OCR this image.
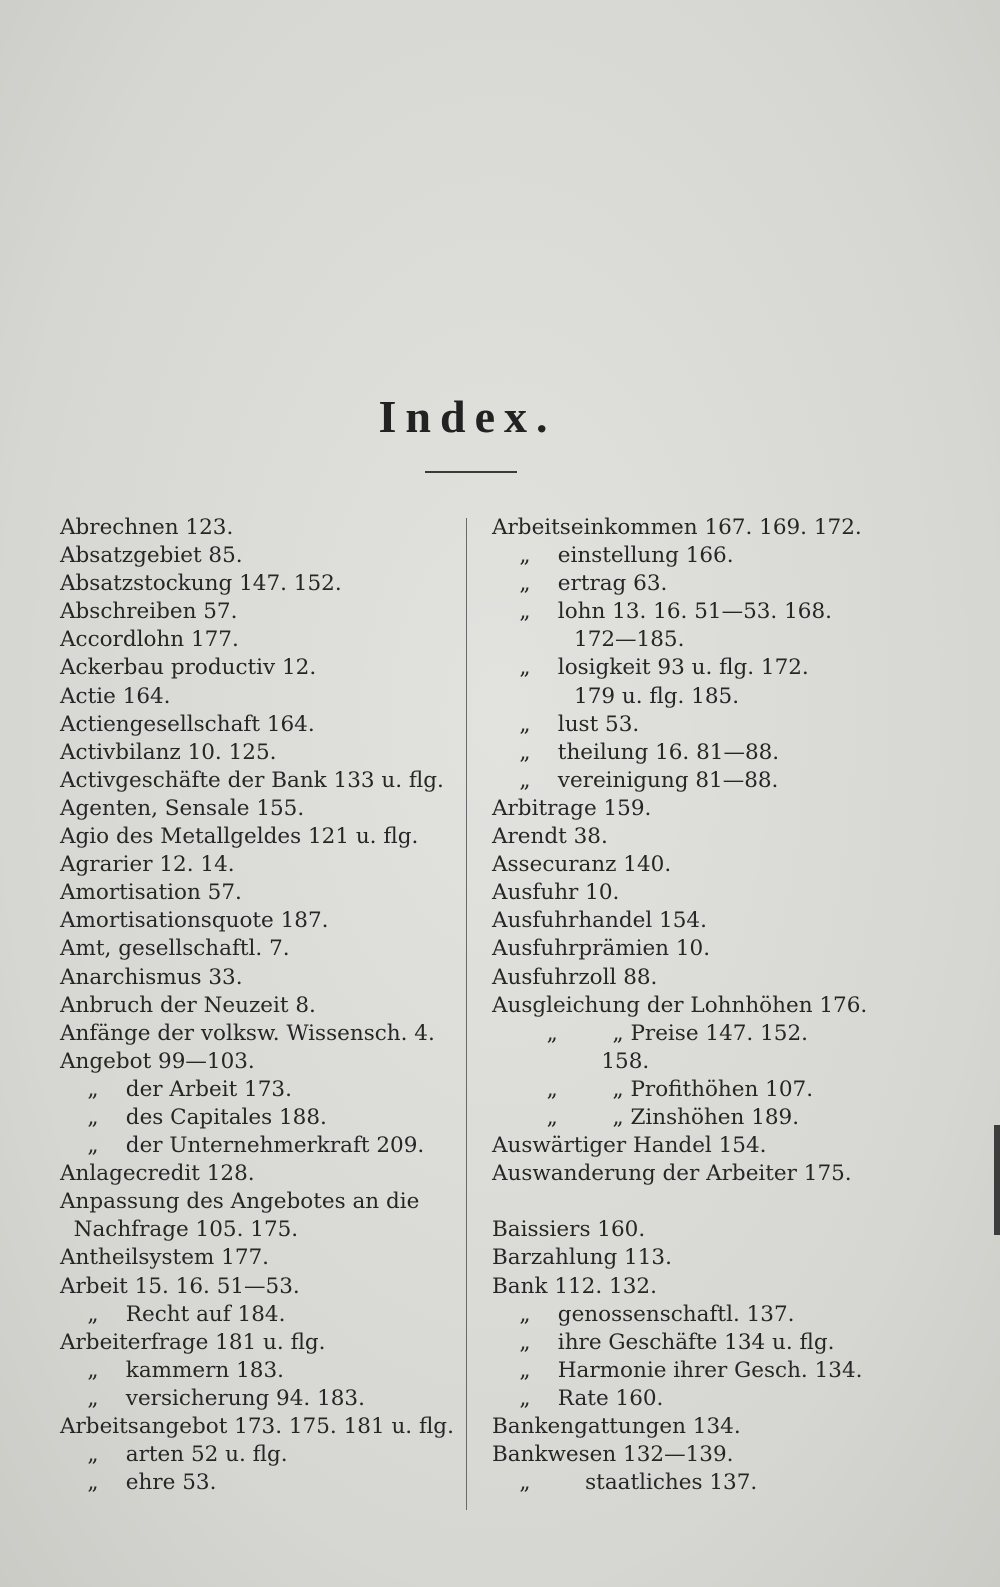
Index.
Abrechnen 123.
Absatzgebiet 85.
Absatzstockung 147. 152.
Abschreiben 57.
Accordlohn 177.
Ackerbau productiv 12.
Actie 164.
Actiengesellschaft 164.
Activbilanz 10. 125.
Activgeschäfte der Bank 133 u. flg.
Agenten, Sensale 155.
Agio des Metallgeldes 121 u. flg.
Agrarier 12. 14.
Amortisation 57.
Amortisationsquote 187.
Amt, gesellschaftl. 7.
Anarchismus 33.
Anbruch der Neuzeit 8.
Anfänge der volksw. Wissensch. 4.
Angebot 99—103.
„    der Arbeit 173.
„    des Capitales 188.
„    der Unternehmerkraft 209.
Anlagecredit 128.
Anpassung des Angebotes an die
Nachfrage 105. 175.
Antheilsystem 177.
Arbeit 15. 16. 51—53.
„    Recht auf 184.
Arbeiterfrage 181 u. flg.
„    kammern 183.
„    versicherung 94. 183.
Arbeitsangebot 173. 175. 181 u. flg.
„    arten 52 u. flg.
„    ehre 53.
Arbeitseinkommen 167. 169. 172.
„    einstellung 166.
„    ertrag 63.
„    lohn 13. 16. 51—53. 168.
172—185.
„    losigkeit 93 u. flg. 172.
179 u. flg. 185.
„    lust 53.
„    theilung 16. 81—88.
„    vereinigung 81—88.
Arbitrage 159.
Arendt 38.
Assecuranz 140.
Ausfuhr 10.
Ausfuhrhandel 154.
Ausfuhrprämien 10.
Ausfuhrzoll 88.
Ausgleichung der Lohnhöhen 176.
„        „ Preise 147. 152.
158.
„        „ Profithöhen 107.
„        „ Zinshöhen 189.
Auswärtiger Handel 154.
Auswanderung der Arbeiter 175.
Baissiers 160.
Barzahlung 113.
Bank 112. 132.
„    genossenschaftl. 137.
„    ihre Geschäfte 134 u. flg.
„    Harmonie ihrer Gesch. 134.
„    Rate 160.
Bankengattungen 134.
Bankwesen 132—139.
„        staatliches 137.
